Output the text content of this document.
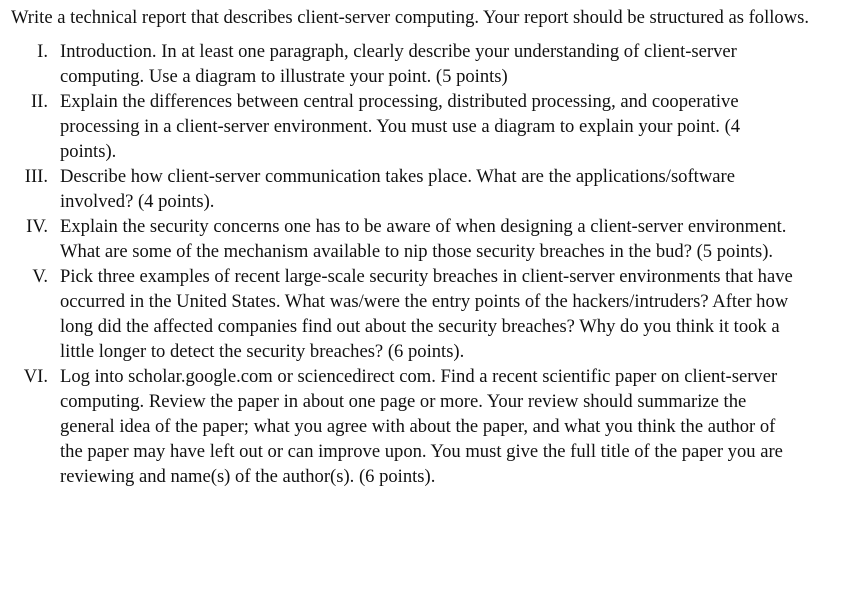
Write a technical report that describes client-server computing. Your report should be structured as follows.

I. Introduction. In at least one paragraph, clearly describe your understanding of client-server computing. Use a diagram to illustrate your point. (5 points)
II. Explain the differences between central processing, distributed processing, and cooperative processing in a client-server environment. You must use a diagram to explain your point. (4 points).
III. Describe how client-server communication takes place. What are the applications/software involved? (4 points).
IV. Explain the security concerns one has to be aware of when designing a client-server environment. What are some of the mechanism available to nip those security breaches in the bud? (5 points).
V. Pick three examples of recent large-scale security breaches in client-server environments that have occurred in the United States. What was/were the entry points of the hackers/intruders? After how long did the affected companies find out about the security breaches? Why do you think it took a little longer to detect the security breaches? (6 points).
VI. Log into scholar.google.com or sciencedirect com. Find a recent scientific paper on client-server computing. Review the paper in about one page or more. Your review should summarize the general idea of the paper; what you agree with about the paper, and what you think the author of the paper may have left out or can improve upon. You must give the full title of the paper you are reviewing and name(s) of the author(s). (6 points).
